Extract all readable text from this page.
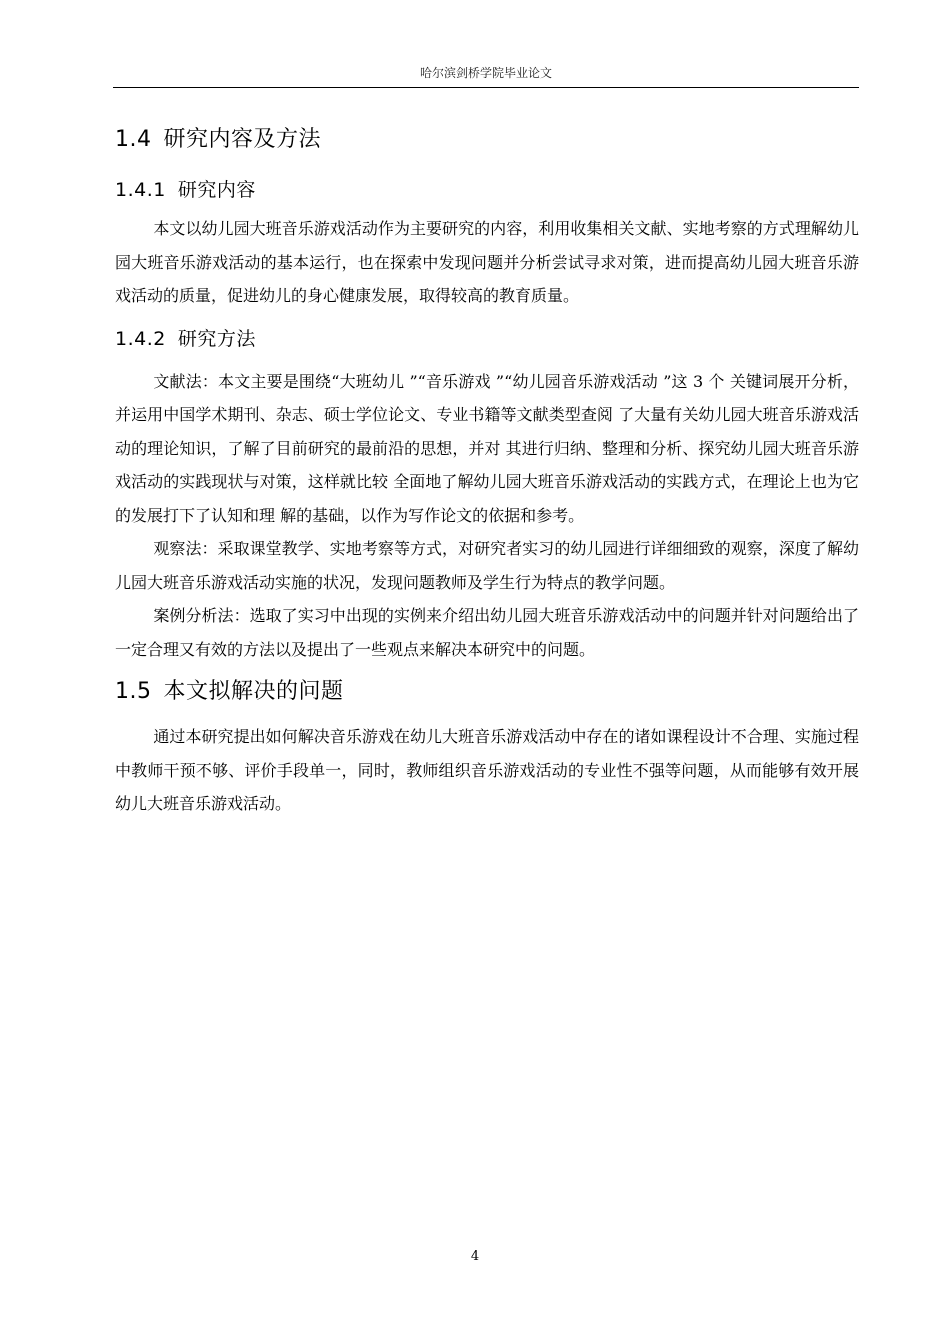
哈尔滨剑桥学院毕业论文
1.4 研究内容及方法
1.4.1 研究内容

本文以幼儿园大班音乐游戏活动作为主要研究的内容，利用收集相关文献、实地考察的方式理解幼儿园大班音乐游戏活动的基本运行，也在探索中发现问题并分析尝试寻求对策，进而提高幼儿园大班音乐游戏活动的质量，促进幼儿的身心健康发展，取得较高的教育质量。

1.4.2 研究方法

文献法：本文主要是围绕“大班幼儿 ”“音乐游戏 ”“幼儿园音乐游戏活动 ”这 3 个 关键词展开分析，并运用中国学术期刊、杂志、硕士学位论文、专业书籍等文献类型查阅 了大量有关幼儿园大班音乐游戏活动的理论知识，了解了目前研究的最前沿的思想，并对 其进行归纳、整理和分析、探究幼儿园大班音乐游戏活动的实践现状与对策，这样就比较 全面地了解幼儿园大班音乐游戏活动的实践方式，在理论上也为它的发展打下了认知和理 解的基础，以作为写作论文的依据和参考。

观察法：采取课堂教学、实地考察等方式，对研究者实习的幼儿园进行详细细致的观察，深度了解幼儿园大班音乐游戏活动实施的状况，发现问题教师及学生行为特点的教学问题。

案例分析法：选取了实习中出现的实例来介绍出幼儿园大班音乐游戏活动中的问题并针对问题给出了一定合理又有效的方法以及提出了一些观点来解决本研究中的问题。

1.5 本文拟解决的问题

通过本研究提出如何解决音乐游戏在幼儿大班音乐游戏活动中存在的诸如课程设计不合理、实施过程中教师干预不够、评价手段单一，同时，教师组织音乐游戏活动的专业性不强等问题，从而能够有效开展幼儿大班音乐游戏活动。

4
